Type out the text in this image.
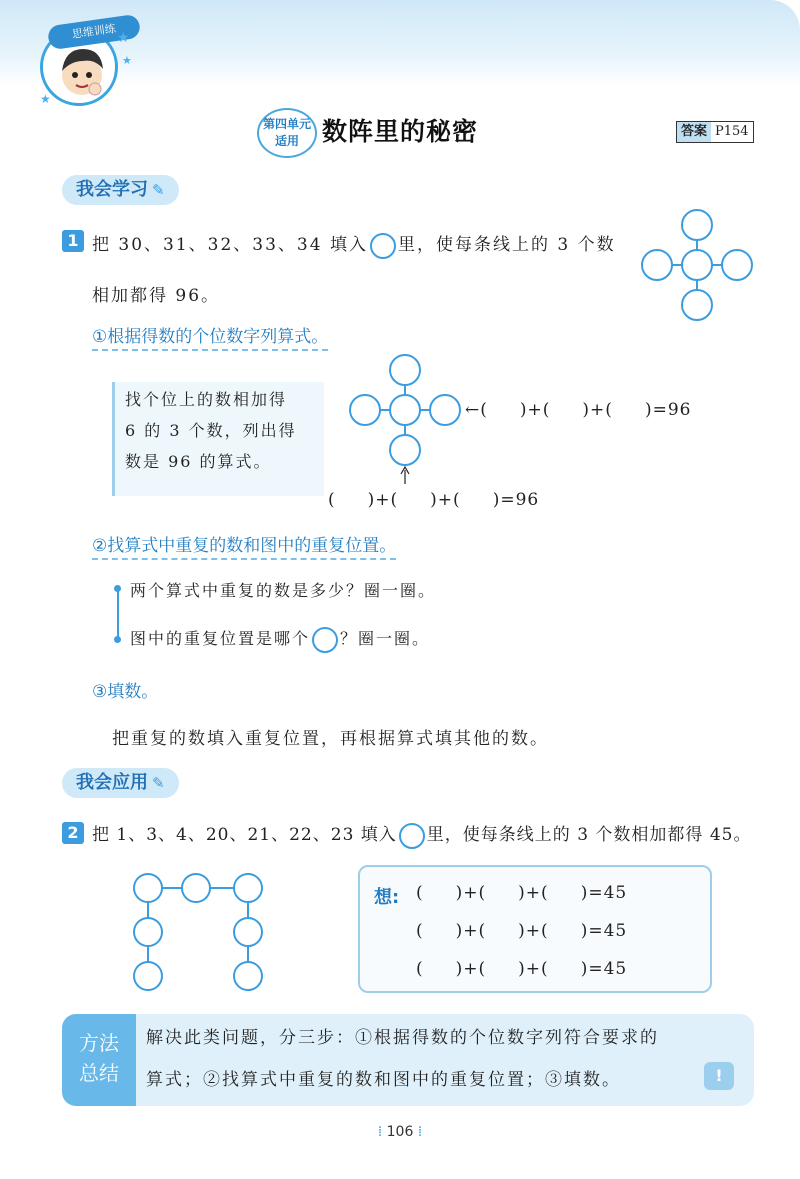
思维训练 ★
★
★
第四单元
适用 数阵里的秘密	答案 P154
我会学习 ✎
1 把 30、31、32、33、34 填入 里，使每条线上的 3 个数
相加都得 96。
①根据得数的个位数字列算式。
找个位上的数相加得
6 的 3 个数，列出得
数是 96 的算式。
←(     )+(     )+(     )=96
(     )+(     )+(     )=96
②找算式中重复的数和图中的重复位置。
两个算式中重复的数是多少？圈一圈。
图中的重复位置是哪个 ？圈一圈。
③填数。
把重复的数填入重复位置，再根据算式填其他的数。
我会应用 ✎
2 把 1、3、4、20、21、22、23 填入 里，使每条线上的 3 个数相加都得 45。
想: (     )+(     )+(     )=45
(     )+(     )+(     )=45
(     )+(     )+(     )=45
方法
总结
解决此类问题，分三步：①根据得数的个位数字列符合要求的
算式；②找算式中重复的数和图中的重复位置；③填数。	!
⁞ 106 ⁞
